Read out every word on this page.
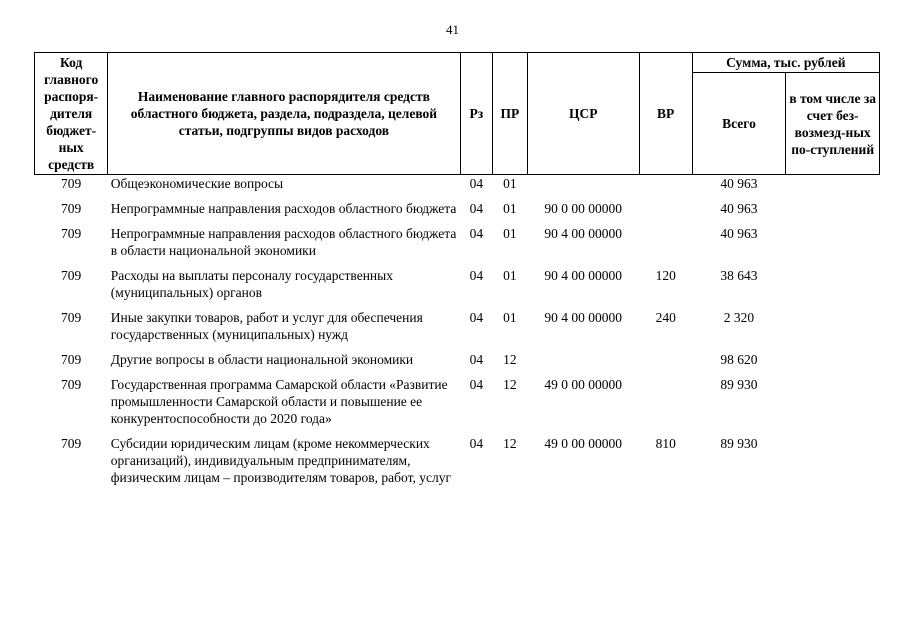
41
Код главного распоря-дителя бюджет-ных средств	Наименование главного распорядителя средств областного бюджета, раздела, подраздела, целевой статьи, подгруппы видов расходов	Рз	ПР	ЦСР	ВР	Сумма, тыс. рублей	
						Всего	в том числе за счет без-возмезд-ных по-ступлений
709	Общеэкономические вопросы	04	01			40 963	
709	Непрограммные направления расходов областного бюджета	04	01	90 0 00 00000		40 963	
709	Непрограммные направления расходов областного бюджета в области национальной экономики	04	01	90 4 00 00000		40 963	
709	Расходы на выплаты персоналу государственных (муниципальных) органов	04	01	90 4 00 00000	120	38 643	
709	Иные закупки товаров, работ и услуг для обеспечения государственных (муниципальных) нужд	04	01	90 4 00 00000	240	2 320	
709	Другие вопросы в области национальной экономики	04	12			98 620	
709	Государственная программа Самарской области «Развитие промышленности Самарской области и повышение ее конкурентоспособности до 2020 года»	04	12	49 0 00 00000		89 930	
709	Субсидии юридическим лицам (кроме некоммерческих организаций), индивидуальным предпринимателям, физическим лицам – производителям товаров, работ, услуг	04	12	49 0 00 00000	810	89 930	
